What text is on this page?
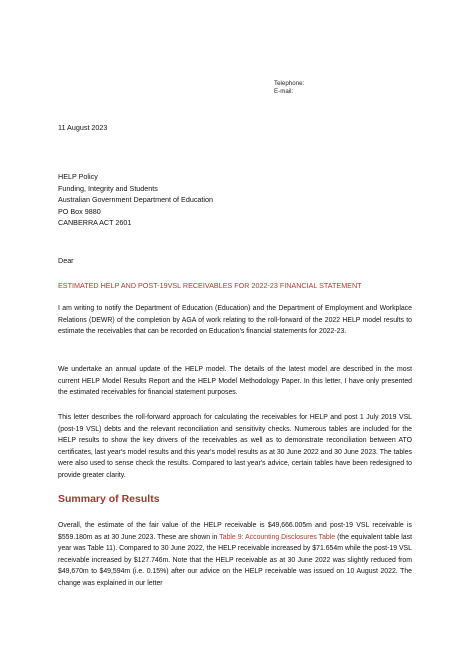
Telephone:
E-mail:
11 August 2023
HELP Policy
Funding, Integrity and Students
Australian Government Department of Education
PO Box 9880
CANBERRA ACT 2601
Dear
ESTIMATED HELP AND POST-19VSL RECEIVABLES FOR 2022-23 FINANCIAL STATEMENT

I am writing to notify the Department of Education (Education) and the Department of Employment and Workplace Relations (DEWR) of the completion by AGA of work relating to the roll-forward of the 2022 HELP model results to estimate the receivables that can be recorded on Education's financial statements for 2022-23.

We undertake an annual update of the HELP model. The details of the latest model are described in the most current HELP Model Results Report and the HELP Model Methodology Paper. In this letter, I have only presented the estimated receivables for financial statement purposes.

This letter describes the roll-forward approach for calculating the receivables for HELP and post 1 July 2019 VSL (post-19 VSL) debts and the relevant reconciliation and sensitivity checks. Numerous tables are included for the HELP results to show the key drivers of the receivables as well as to demonstrate reconciliation between ATO certificates, last year's model results and this year's model results as at 30 June 2022 and 30 June 2023. The tables were also used to sense check the results. Compared to last year's advice, certain tables have been redesigned to provide greater clarity.

Summary of Results

Overall, the estimate of the fair value of the HELP receivable is $49,666.005m and post-19 VSL receivable is $559.180m as at 30 June 2023. These are shown in Table 9: Accounting Disclosures Table (the equivalent table last year was Table 11). Compared to 30 June 2022, the HELP receivable increased by $71.654m while the post-19 VSL receivable increased by $127.746m. Note that the HELP receivable as at 30 June 2022 was slightly reduced from $49,670m to $49,594m (i.e. 0.15%) after our advice on the HELP receivable was issued on 10 August 2022. The change was explained in our letter
